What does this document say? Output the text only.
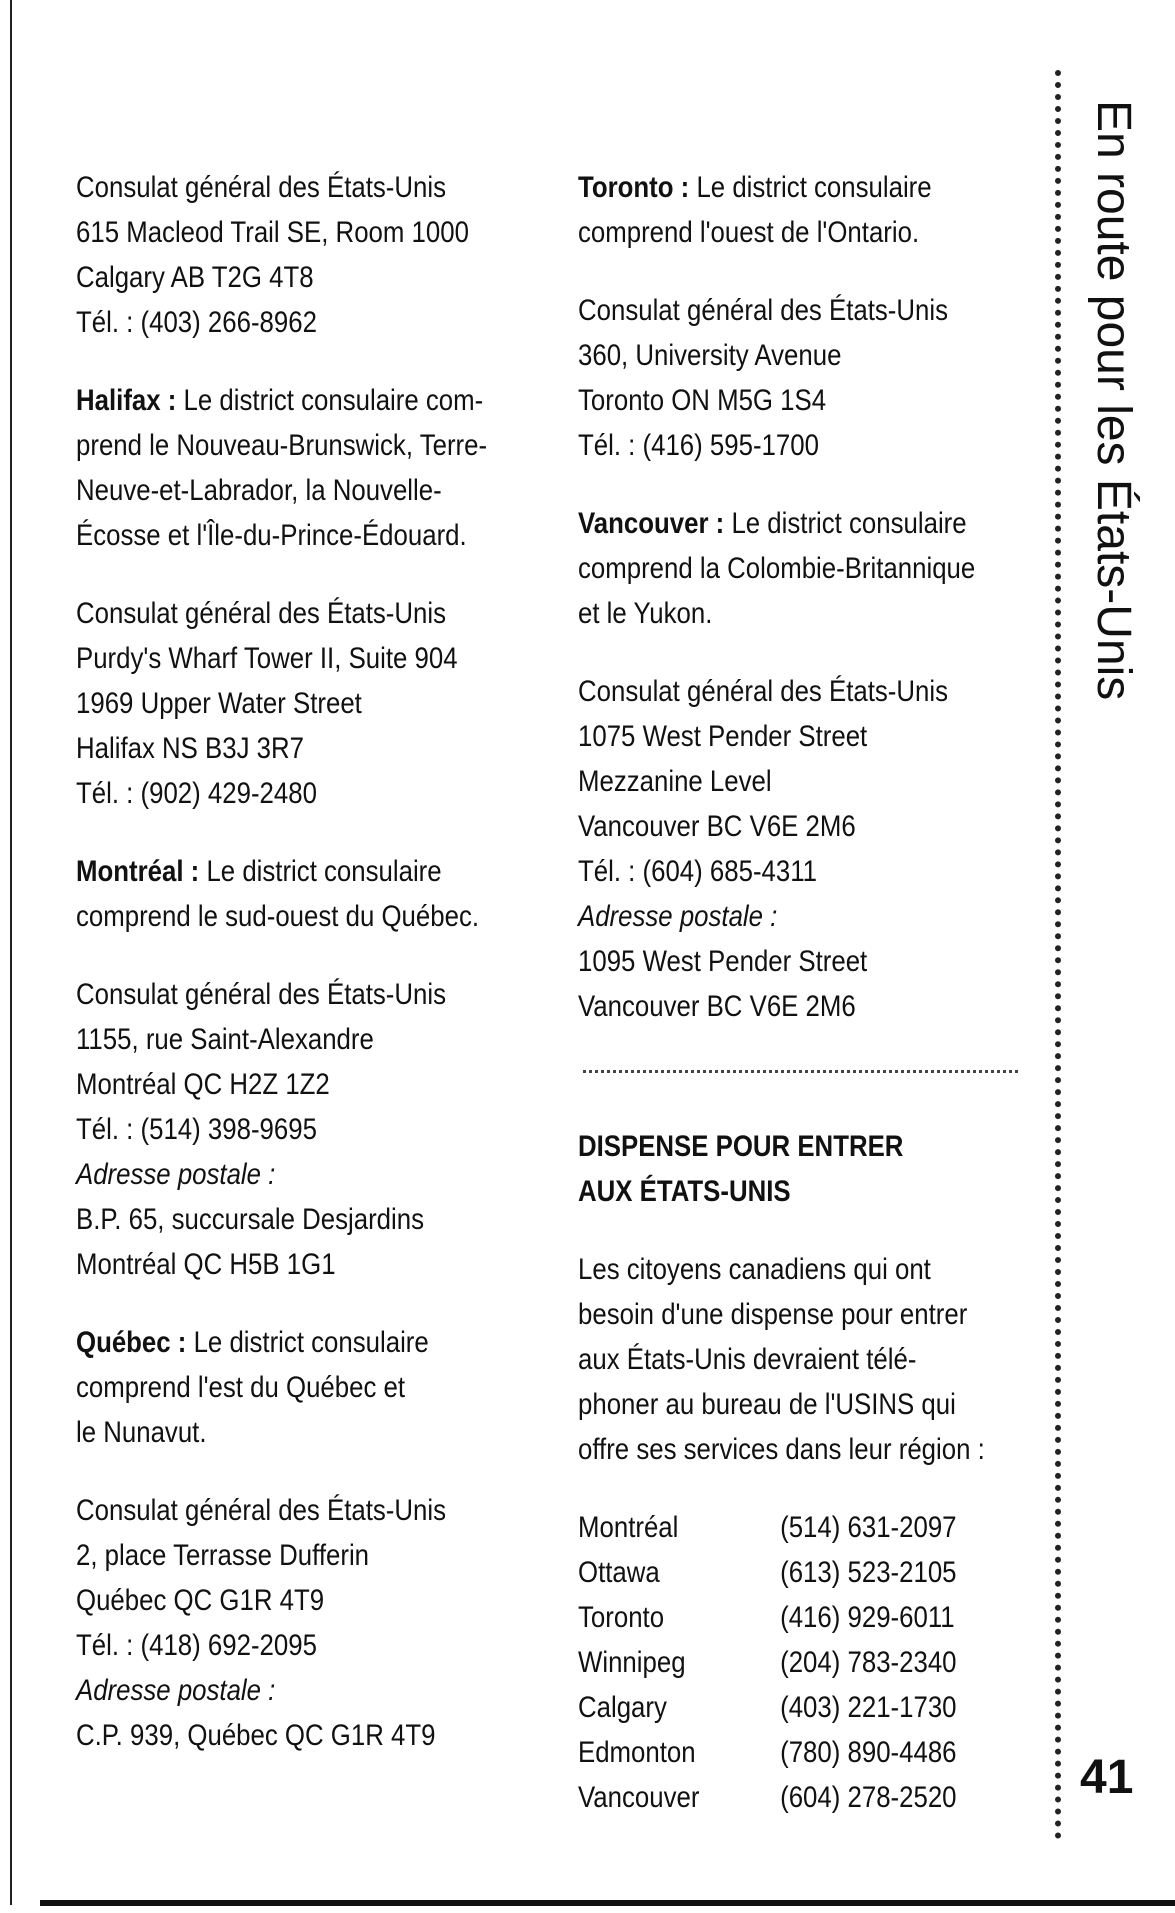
Consulat général des États-Unis
615 Macleod Trail SE, Room 1000
Calgary AB T2G 4T8
Tél. : (403) 266-8962
Halifax : Le district consulaire com-
prend le Nouveau-Brunswick, Terre-
Neuve-et-Labrador, la Nouvelle-
Écosse et l'Île-du-Prince-Édouard.
Consulat général des États-Unis
Purdy's Wharf Tower II, Suite 904
1969 Upper Water Street
Halifax NS B3J 3R7
Tél. : (902) 429-2480
Montréal : Le district consulaire
comprend le sud-ouest du Québec.
Consulat général des États-Unis
1155, rue Saint-Alexandre
Montréal QC H2Z 1Z2
Tél. : (514) 398-9695
Adresse postale :
B.P. 65, succursale Desjardins
Montréal QC H5B 1G1
Québec : Le district consulaire
comprend l'est du Québec et
le Nunavut.
Consulat général des États-Unis
2, place Terrasse Dufferin
Québec QC G1R 4T9
Tél. : (418) 692-2095
Adresse postale :
C.P. 939, Québec QC G1R 4T9
Toronto : Le district consulaire
comprend l'ouest de l'Ontario.
Consulat général des États-Unis
360, University Avenue
Toronto ON M5G 1S4
Tél. : (416) 595-1700
Vancouver : Le district consulaire
comprend la Colombie-Britannique
et le Yukon.
Consulat général des États-Unis
1075 West Pender Street
Mezzanine Level
Vancouver BC V6E 2M6
Tél. : (604) 685-4311
Adresse postale :
1095 West Pender Street
Vancouver BC V6E 2M6
DISPENSE POUR ENTRER
AUX ÉTATS-UNIS
Les citoyens canadiens qui ont
besoin d'une dispense pour entrer
aux États-Unis devraient télé-
phoner au bureau de l'USINS qui
offre ses services dans leur région :
Montréal	(514) 631-2097
Ottawa	(613) 523-2105
Toronto	(416) 929-6011
Winnipeg	(204) 783-2340
Calgary	(403) 221-1730
Edmonton	(780) 890-4486
Vancouver	(604) 278-2520
En route pour les États-Unis
41
